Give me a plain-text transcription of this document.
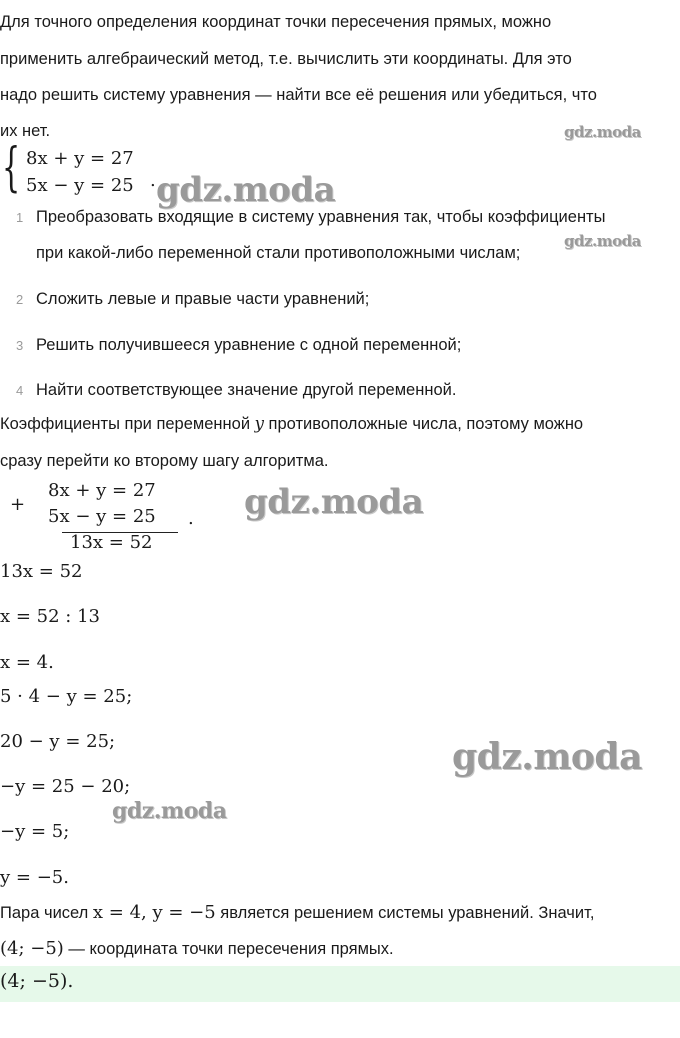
Для точного определения координат точки пересечения прямых, можно
применить алгебраический метод, т.е. вычислить эти координаты. Для это
надо решить систему уравнения — найти все её решения или убедиться, что
их нет.	gdz.moda
{ 8x + y = 27
5x − y = 25 . gdz.moda
1 Преобразовать входящие в систему уравнения так, чтобы коэффициенты
при какой-либо переменной стали противоположными числам;
gdz.moda
2 Сложить левые и правые части уравнений;
3 Решить получившееся уравнение с одной переменной;
4 Найти соответствующее значение другой переменной.
Коэффициенты при переменной y противоположные числа, поэтому можно
сразу перейти ко второму шагу алгоритма.
+
8x + y = 27
5x − y = 25
13x = 52
. gdz.moda
13x = 52
x = 52 : 13
x = 4.
5 · 4 − y = 25;
20 − y = 25;	gdz.moda
−y = 25 − 20;
gdz.moda
−y = 5;
y = −5.
Пара чисел x = 4, y = −5 является решением системы уравнений. Значит,
(4; −5) — координата точки пересечения прямых.
(4; −5).
